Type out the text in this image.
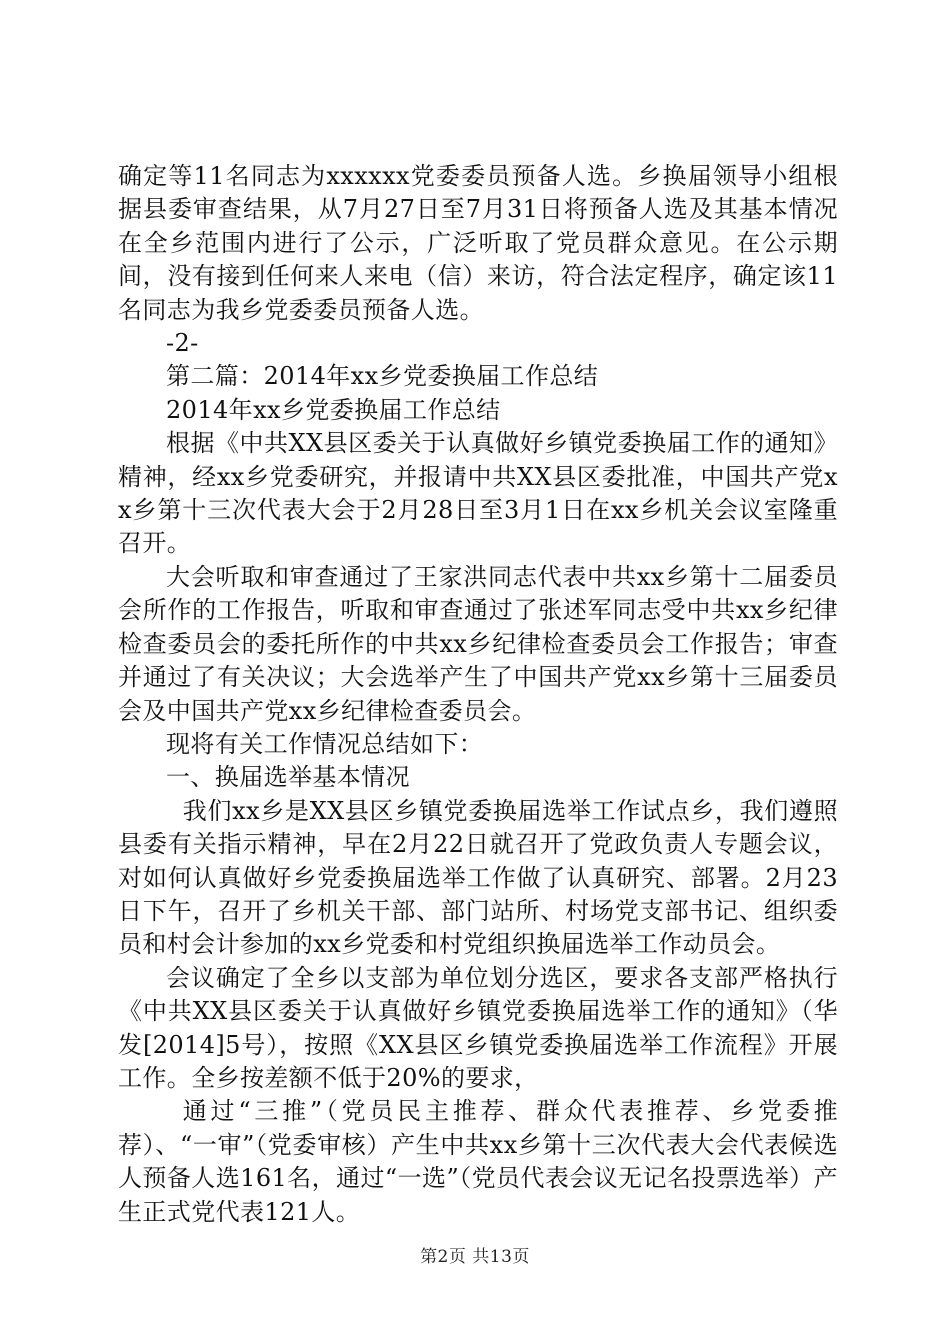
确定等11名同志为xxxxxx党委委员预备人选。乡换届领导小组根据县委审查结果，从7月27日至7月31日将预备人选及其基本情况在全乡范围内进行了公示，广泛听取了党员群众意见。在公示期间，没有接到任何来人来电（信）来访，符合法定程序，确定该11名同志为我乡党委委员预备人选。

-2-

第二篇：2014年xx乡党委换届工作总结

2014年xx乡党委换届工作总结

根据《中共XX县区委关于认真做好乡镇党委换届工作的通知》精神，经xx乡党委研究，并报请中共XX县区委批准，中国共产党xx乡第十三次代表大会于2月28日至3月1日在xx乡机关会议室隆重召开。

大会听取和审查通过了王家洪同志代表中共xx乡第十二届委员会所作的工作报告，听取和审查通过了张述军同志受中共xx乡纪律检查委员会的委托所作的中共xx乡纪律检查委员会工作报告；审查并通过了有关决议；大会选举产生了中国共产党xx乡第十三届委员会及中国共产党xx乡纪律检查委员会。

现将有关工作情况总结如下：

一、换届选举基本情况

我们xx乡是XX县区乡镇党委换届选举工作试点乡，我们遵照县委有关指示精神，早在2月22日就召开了党政负责人专题会议，对如何认真做好乡党委换届选举工作做了认真研究、部署。2月23日下午，召开了乡机关干部、部门站所、村场党支部书记、组织委员和村会计参加的xx乡党委和村党组织换届选举工作动员会。

会议确定了全乡以支部为单位划分选区，要求各支部严格执行《中共XX县区委关于认真做好乡镇党委换届选举工作的通知》（华发[2014]5号），按照《XX县区乡镇党委换届选举工作流程》开展工作。全乡按差额不低于20%的要求，

通过“三推”（党员民主推荐、群众代表推荐、乡党委推荐）、“一审”（党委审核）产生中共xx乡第十三次代表大会代表候选人预备人选161名，通过“一选”（党员代表会议无记名投票选举）产生正式党代表121人。

第2页 共13页
